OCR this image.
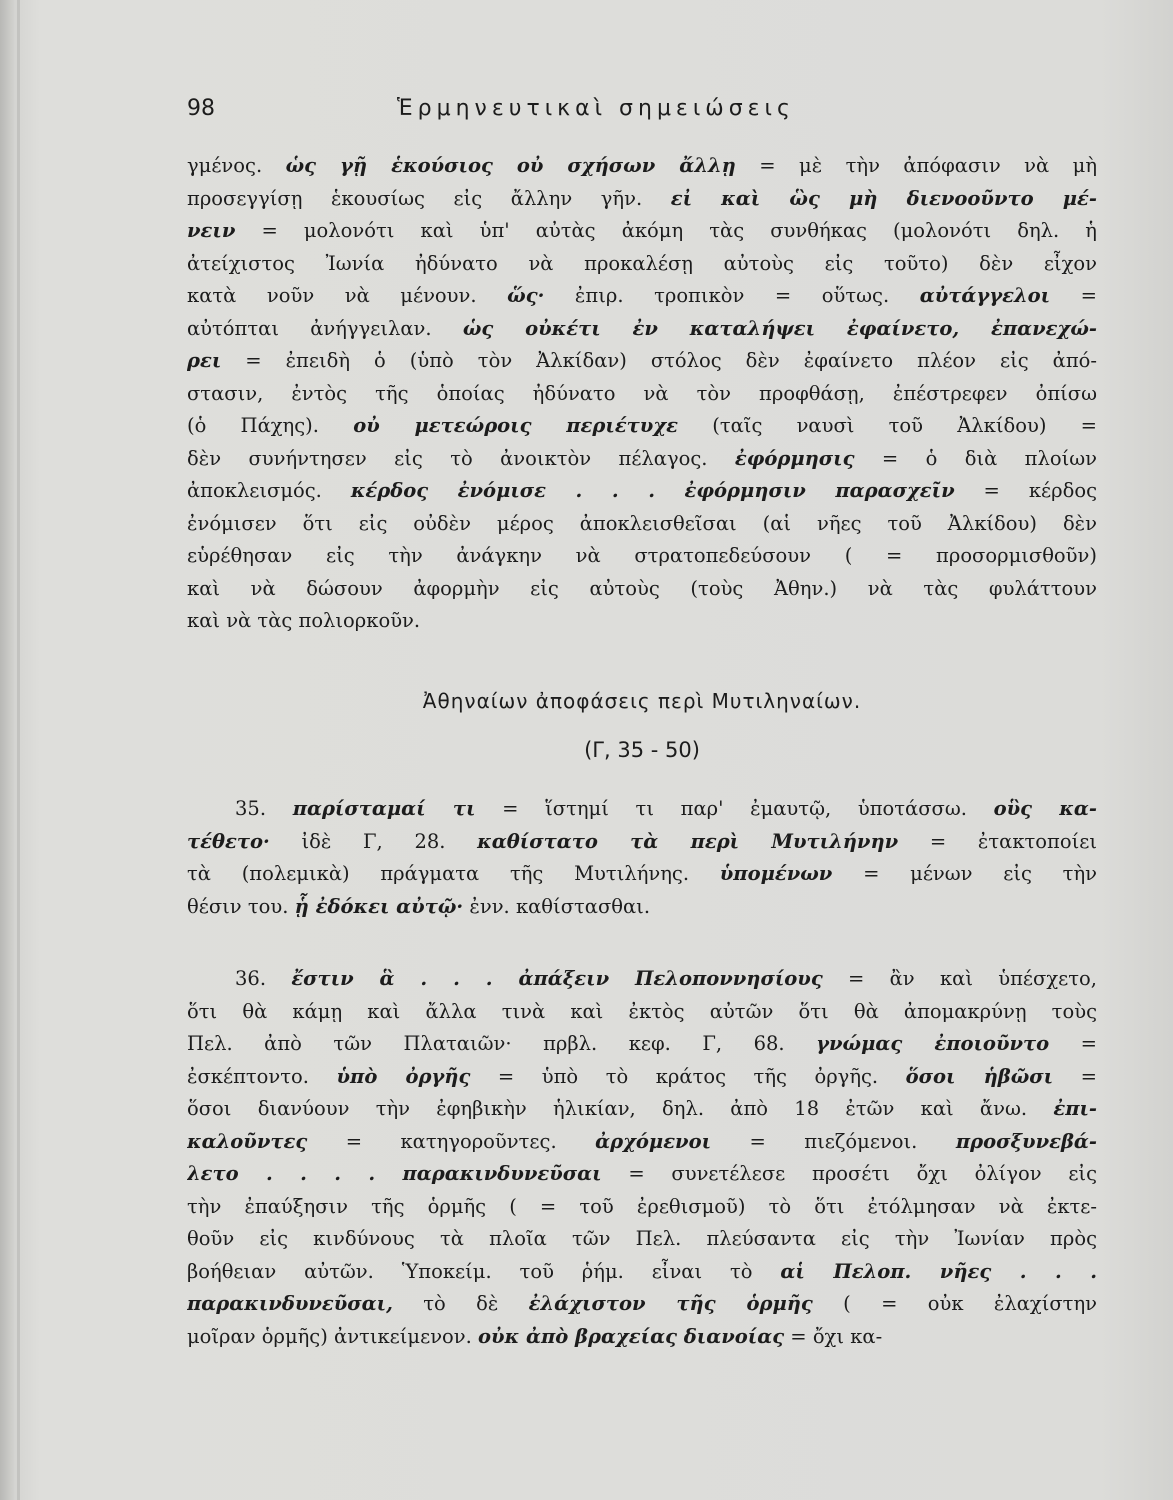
98	Ἑρμηνευτικαὶ σημειώσεις
γμένος. ὡς γῇ ἑκούσιος οὐ σχήσων ἄλλῃ = μὲ τὴν ἀπόφασιν νὰ μὴ
προσεγγίσῃ ἑκουσίως εἰς ἄλλην γῆν. εἰ καὶ ὣς μὴ διενοοῦντο μέ-
νειν = μολονότι καὶ ὑπ' αὐτὰς ἀκόμη τὰς συνθήκας (μολονότι δηλ. ἡ
ἀτείχιστος Ἰωνία ἠδύνατο νὰ προκαλέσῃ αὐτοὺς εἰς τοῦτο) δὲν εἶχον
κατὰ νοῦν νὰ μένουν. ὥς· ἐπιρ. τροπικὸν = οὕτως. αὐτάγγελοι =
αὐτόπται ἀνήγγειλαν. ὡς οὐκέτι ἐν καταλήψει ἐφαίνετο, ἐπανεχώ-
ρει = ἐπειδὴ ὁ (ὑπὸ τὸν Ἀλκίδαν) στόλος δὲν ἐφαίνετο πλέον εἰς ἀπό-
στασιν, ἐντὸς τῆς ὁποίας ἠδύνατο νὰ τὸν προφθάσῃ, ἐπέστρεφεν ὀπίσω
(ὁ Πάχης). οὐ μετεώροις περιέτυχε (ταῖς ναυσὶ τοῦ Ἀλκίδου) =
δὲν συνήντησεν εἰς τὸ ἀνοικτὸν πέλαγος. ἐφόρμησις = ὁ διὰ πλοίων
ἀποκλεισμός. κέρδος ἐνόμισε . . . ἐφόρμησιν παρασχεῖν = κέρδος
ἐνόμισεν ὅτι εἰς οὐδὲν μέρος ἀποκλεισθεῖσαι (αἱ νῆες τοῦ Ἀλκίδου) δὲν
εὑρέθησαν εἰς τὴν ἀνάγκην νὰ στρατοπεδεύσουν ( = προσορμισθοῦν)
καὶ νὰ δώσουν ἀφορμὴν εἰς αὐτοὺς (τοὺς Ἀθην.) νὰ τὰς φυλάττουν
καὶ νὰ τὰς πολιορκοῦν.
Ἀθηναίων ἀποφάσεις περὶ Μυτιληναίων.
(Γ, 35 - 50)
35. παρίσταμαί τι = ἵστημί τι παρ' ἐμαυτῷ, ὑποτάσσω. οὓς κα-
τέθετο· ἰδὲ Γ, 28. καθίστατο τὰ περὶ Μυτιλήνην = ἐτακτοποίει
τὰ (πολεμικὰ) πράγματα τῆς Μυτιλήνης. ὑπομένων = μένων εἰς τὴν
θέσιν του. ᾗ ἐδόκει αὐτῷ· ἐνν. καθίστασθαι.
36. ἔστιν ἃ . . . ἀπάξειν Πελοποννησίους = ἂν καὶ ὑπέσχετο,
ὅτι θὰ κάμῃ καὶ ἄλλα τινὰ καὶ ἐκτὸς αὐτῶν ὅτι θὰ ἀπομακρύνῃ τοὺς
Πελ. ἀπὸ τῶν Πλαταιῶν· πρβλ. κεφ. Γ, 68. γνώμας ἐποιοῦντο =
ἐσκέπτοντο. ὑπὸ ὀργῆς = ὑπὸ τὸ κράτος τῆς ὀργῆς. ὅσοι ἡβῶσι =
ὅσοι διανύουν τὴν ἐφηβικὴν ἡλικίαν, δηλ. ἀπὸ 18 ἐτῶν καὶ ἄνω. ἐπι-
καλοῦντες = κατηγοροῦντες. ἀρχόμενοι = πιεζόμενοι. προσξυνεβά-
λετο . . . . παρακινδυνεῦσαι = συνετέλεσε προσέτι ὄχι ὀλίγον εἰς
τὴν ἐπαύξησιν τῆς ὁρμῆς ( = τοῦ ἐρεθισμοῦ) τὸ ὅτι ἐτόλμησαν νὰ ἐκτε-
θοῦν εἰς κινδύνους τὰ πλοῖα τῶν Πελ. πλεύσαντα εἰς τὴν Ἰωνίαν πρὸς
βοήθειαν αὐτῶν. Ὑποκείμ. τοῦ ῥήμ. εἶναι τὸ αἱ Πελοπ. νῆες . . .
παρακινδυνεῦσαι, τὸ δὲ ἐλάχιστον τῆς ὁρμῆς ( = οὐκ ἐλαχίστην
μοῖραν ὁρμῆς) ἀντικείμενον. οὐκ ἀπὸ βραχείας διανοίας = ὄχι κα-
